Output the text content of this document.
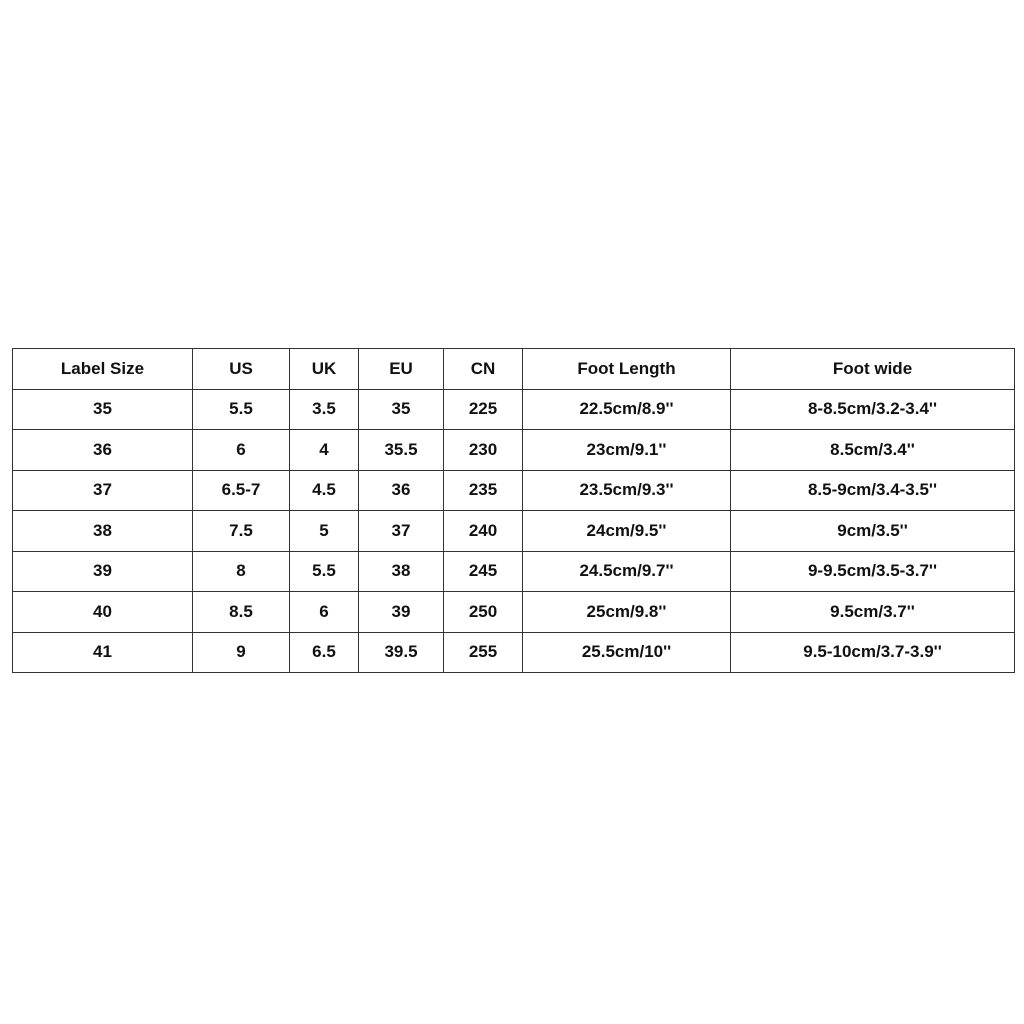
Label Size	US	UK	EU	CN	Foot Length	Foot wide
35	5.5	3.5	35	225	22.5cm/8.9''	8-8.5cm/3.2-3.4''
36	6	4	35.5	230	23cm/9.1''	8.5cm/3.4''
37	6.5-7	4.5	36	235	23.5cm/9.3''	8.5-9cm/3.4-3.5''
38	7.5	5	37	240	24cm/9.5''	9cm/3.5''
39	8	5.5	38	245	24.5cm/9.7''	9-9.5cm/3.5-3.7''
40	8.5	6	39	250	25cm/9.8''	9.5cm/3.7''
41	9	6.5	39.5	255	25.5cm/10''	9.5-10cm/3.7-3.9''
